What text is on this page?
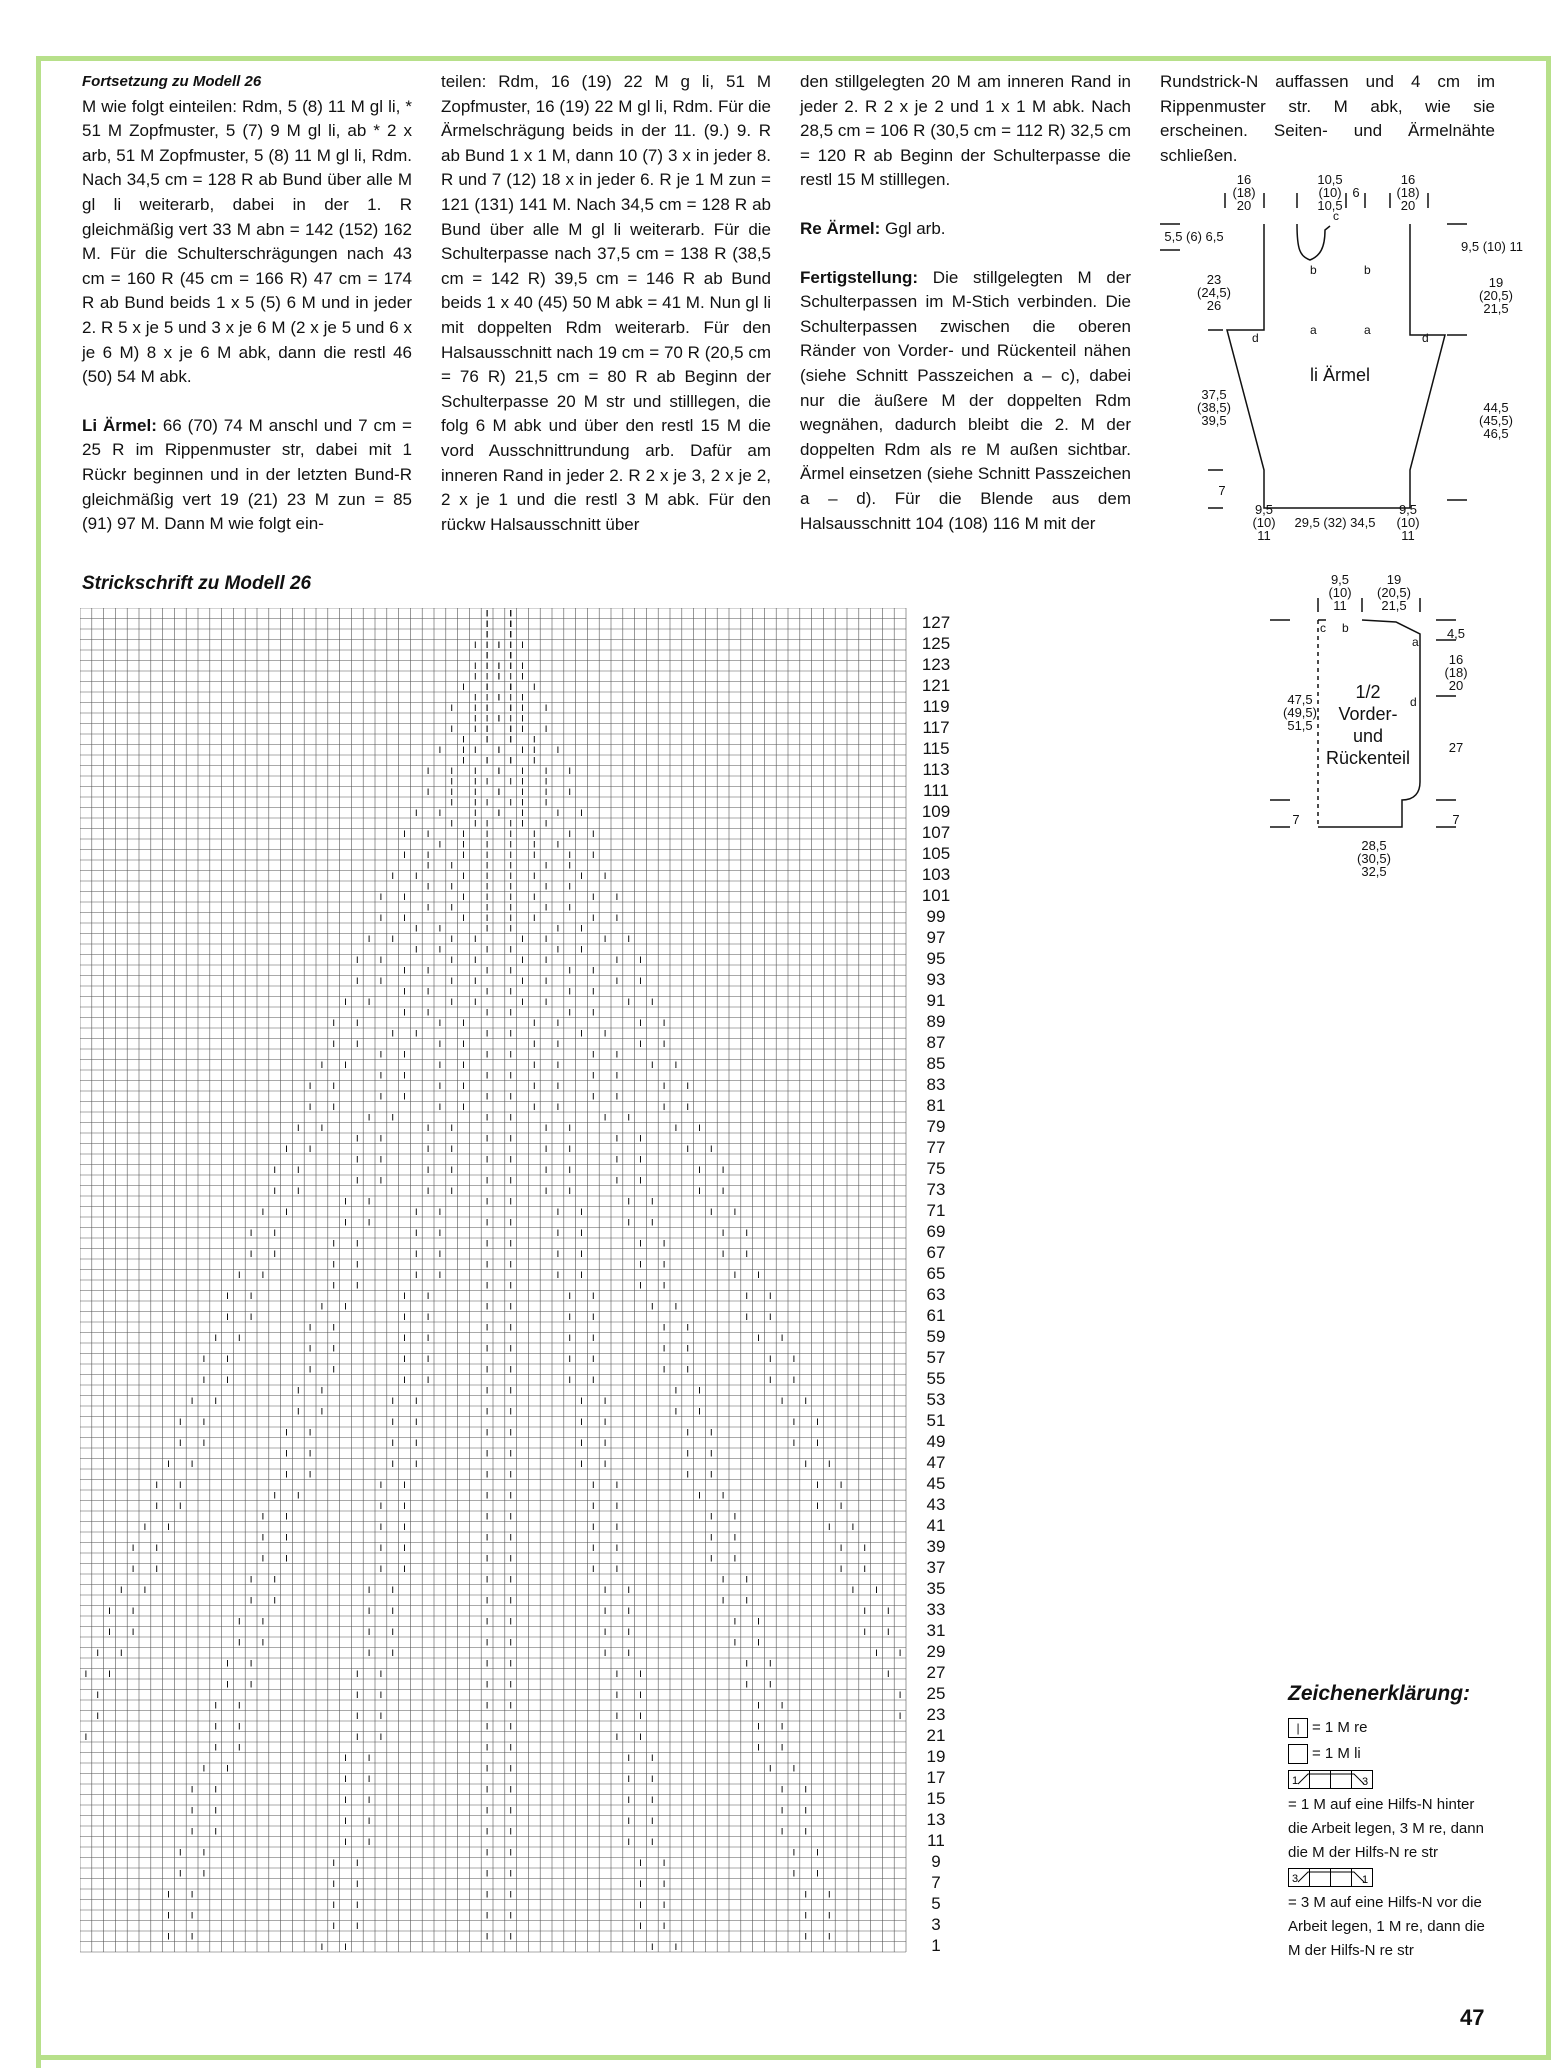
Fortsetzung zu Modell 26

M wie folgt einteilen: Rdm, 5 (8) 11 M gl li, * 51 M Zopfmuster, 5 (7) 9 M gl li, ab * 2 x arb, 51 M Zopfmuster, 5 (8) 11 M gl li, Rdm. Nach 34,5 cm = 128 R ab Bund über alle M gl li weiterarb, dabei in der 1. R gleichmäßig vert 33 M abn = 142 (152) 162 M. Für die Schulterschrägungen nach 43 cm = 160 R (45 cm = 166 R) 47 cm = 174 R ab Bund beids 1 x 5 (5) 6 M und in jeder 2. R 5 x je 5 und 3 x je 6 M (2 x je 5 und 6 x je 6 M) 8 x je 6 M abk, dann die restl 46 (50) 54 M abk.

Li Ärmel: 66 (70) 74 M anschl und 7 cm = 25 R im Rippenmuster str, dabei mit 1 Rückr beginnen und in der letzten Bund-R gleichmäßig vert 19 (21) 23 M zun = 85 (91) 97 M. Dann M wie folgt ein-

teilen: Rdm, 16 (19) 22 M g li, 51 M Zopfmuster, 16 (19) 22 M gl li, Rdm. Für die Ärmelschrägung beids in der 11. (9.) 9. R ab Bund 1 x 1 M, dann 10 (7) 3 x in jeder 8. R und 7 (12) 18 x in jeder 6. R je 1 M zun = 121 (131) 141 M. Nach 34,5 cm = 128 R ab Bund über alle M gl li weiterarb. Für die Schulterpasse nach 37,5 cm = 138 R (38,5 cm = 142 R) 39,5 cm = 146 R ab Bund beids 1 x 40 (45) 50 M abk = 41 M. Nun gl li mit doppelten Rdm weiterarb. Für den Halsausschnitt nach 19 cm = 70 R (20,5 cm = 76 R) 21,5 cm = 80 R ab Beginn der Schulterpasse 20 M str und stilllegen, die folg 6 M abk und über den restl 15 M die vord Ausschnittrundung arb. Dafür am inneren Rand in jeder 2. R 2 x je 3, 2 x je 2, 2 x je 1 und die restl 3 M abk. Für den rückw Halsausschnitt über

den stillgelegten 20 M am inneren Rand in jeder 2. R 2 x je 2 und 1 x 1 M abk. Nach 28,5 cm = 106 R (30,5 cm = 112 R) 32,5 cm = 120 R ab Beginn der Schulterpasse die restl 15 M stilllegen.

Re Ärmel: Ggl arb.

Fertigstellung: Die stillgelegten M der Schulterpassen im M-Stich verbinden. Die Schulterpassen zwischen die oberen Ränder von Vorder- und Rückenteil nähen (siehe Schnitt Passzeichen a – c), dabei nur die äußere M der doppelten Rdm wegnähen, dadurch bleibt die 2. M der doppelten Rdm als re M außen sichtbar. Ärmel einsetzen (siehe Schnitt Passzeichen a – d). Für die Blende aus dem Halsausschnitt 104 (108) 116 M mit der

Rundstrick-N auffassen und 4 cm im Rippenmuster str. M abk, wie sie erscheinen. Seiten- und Ärmelnähte schließen.

16
(18)
20
10,5
(10)
10,5
6
16
(18)
20
5,5 (6) 6,5
23
(24,5)
26
37,5
(38,5)
39,5
7
9,5 (10) 11
19
(20,5)
21,5
44,5
(45,5)
46,5
9,5
(10)
11
29,5 (32) 34,5
9,5
(10)
11
c
b	b
a	a
d	d
li Ärmel
9,5
(10)
11
19
(20,5)
21,5
47,5
(49,5)
51,5
7
4,5
16
(18)
20
27
7
28,5
(30,5)
32,5
c b
a
d
1/2
Vorder-
und
Rückenteil
Strickschrift zu Modell 26
127
125
123
121
119
117
115
113
111
109
107
105
103
101
99
97
95
93
91
89
87
85
83
81
79
77
75
73
71
69
67
65
63
61
59
57
55
53
51
49
47
45
43
41
39
37
35
33
31
29
27
25
23
21
19
17
15
13
11
9
7
5
3
1
Zeichenerklärung:
| = 1 M re
= 1 M li
1	3
= 1 M auf eine Hilfs-N hinter die Arbeit legen, 3 M re, dann die M der Hilfs-N re str
3	1
= 3 M auf eine Hilfs-N vor die Arbeit legen, 1 M re, dann die M der Hilfs-N re str
47
